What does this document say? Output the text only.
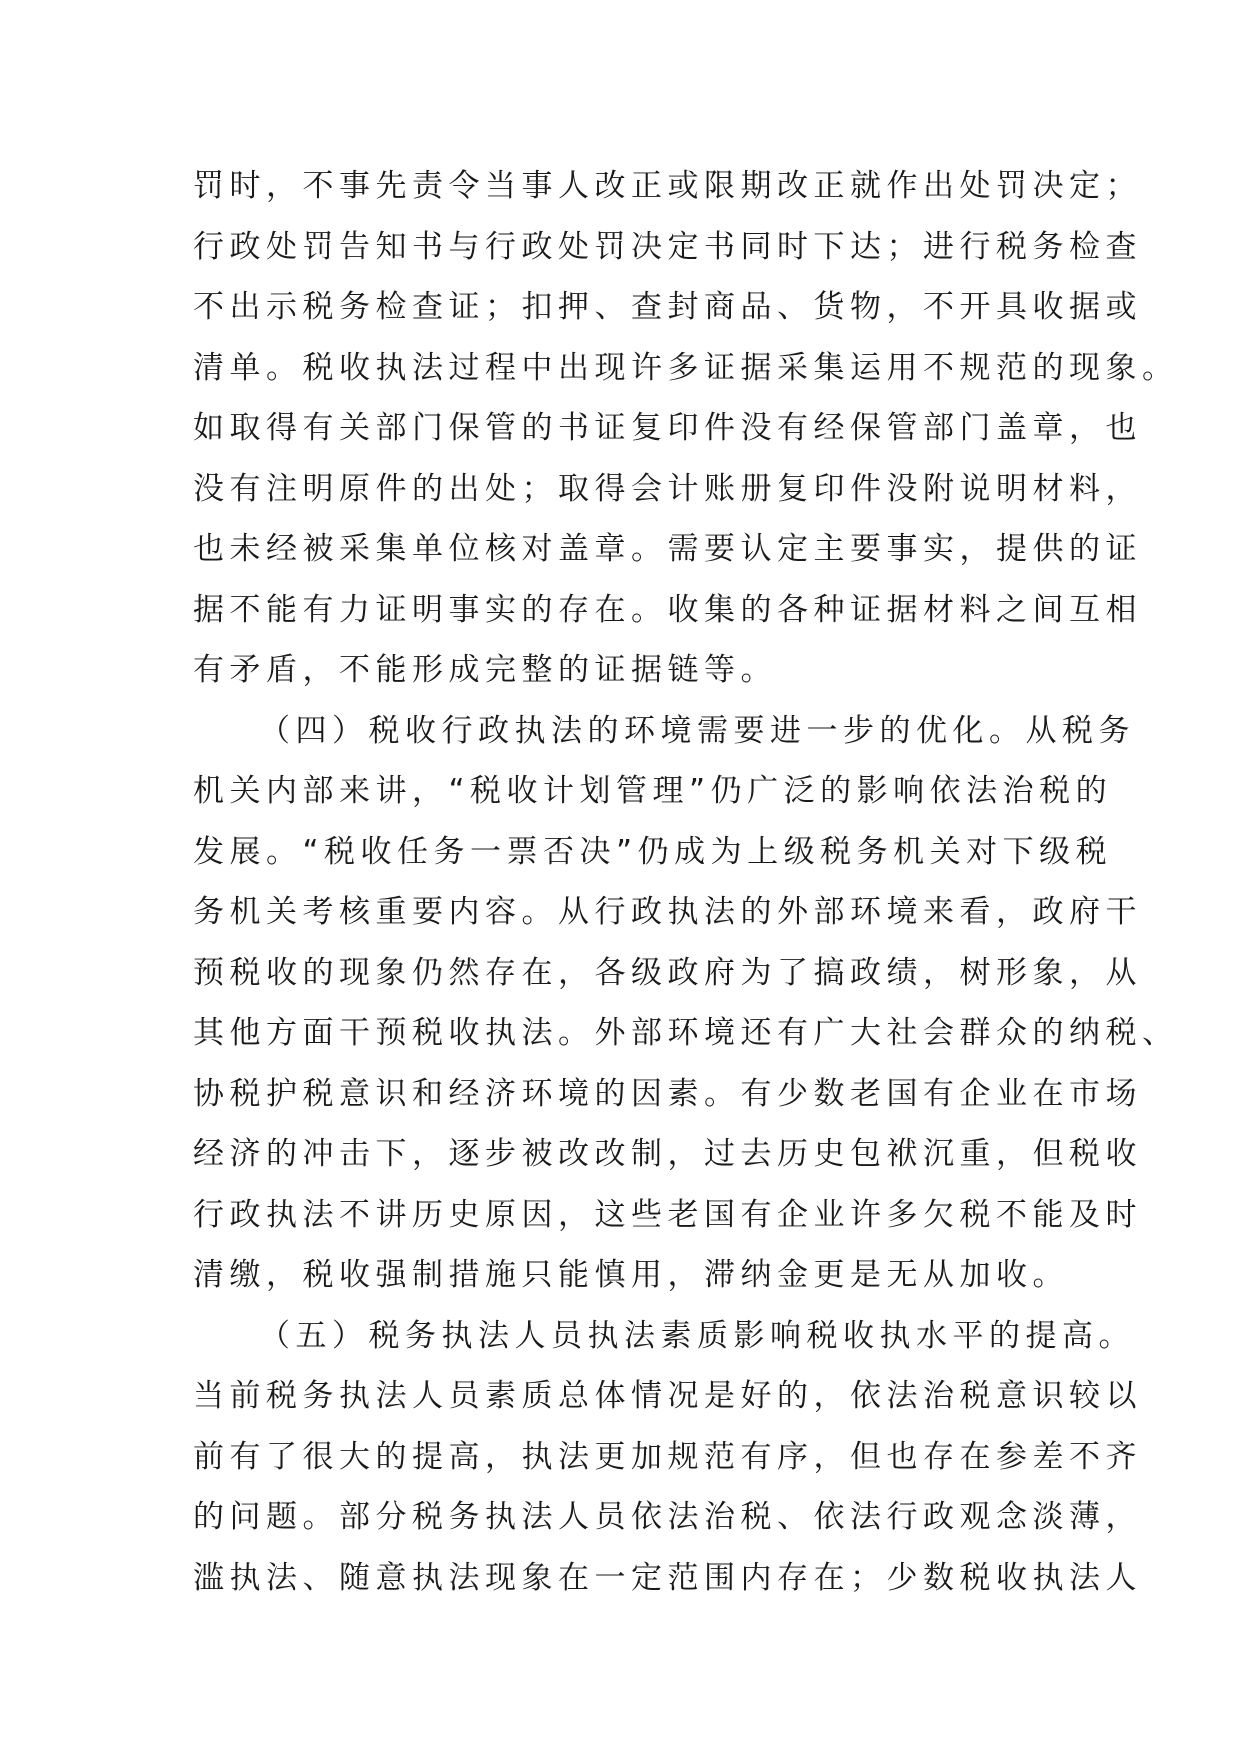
罚时，不事先责令当事人改正或限期改正就作出处罚决定；
行政处罚告知书与行政处罚决定书同时下达；进行税务检查
不出示税务检查证；扣押、查封商品、货物，不开具收据或
清单。税收执法过程中出现许多证据采集运用不规范的现象。
如取得有关部门保管的书证复印件没有经保管部门盖章，也
没有注明原件的出处；取得会计账册复印件没附说明材料，
也未经被采集单位核对盖章。需要认定主要事实，提供的证
据不能有力证明事实的存在。收集的各种证据材料之间互相
有矛盾，不能形成完整的证据链等。
（四）税收行政执法的环境需要进一步的优化。从税务
机关内部来讲，“税收计划管理”仍广泛的影响依法治税的
发展。“税收任务一票否决”仍成为上级税务机关对下级税
务机关考核重要内容。从行政执法的外部环境来看，政府干
预税收的现象仍然存在，各级政府为了搞政绩，树形象，从
其他方面干预税收执法。外部环境还有广大社会群众的纳税、
协税护税意识和经济环境的因素。有少数老国有企业在市场
经济的冲击下，逐步被改改制，过去历史包袱沉重，但税收
行政执法不讲历史原因，这些老国有企业许多欠税不能及时
清缴，税收强制措施只能慎用，滞纳金更是无从加收。
（五）税务执法人员执法素质影响税收执水平的提高。
当前税务执法人员素质总体情况是好的，依法治税意识较以
前有了很大的提高，执法更加规范有序，但也存在参差不齐
的问题。部分税务执法人员依法治税、依法行政观念淡薄，
滥执法、随意执法现象在一定范围内存在；少数税收执法人
